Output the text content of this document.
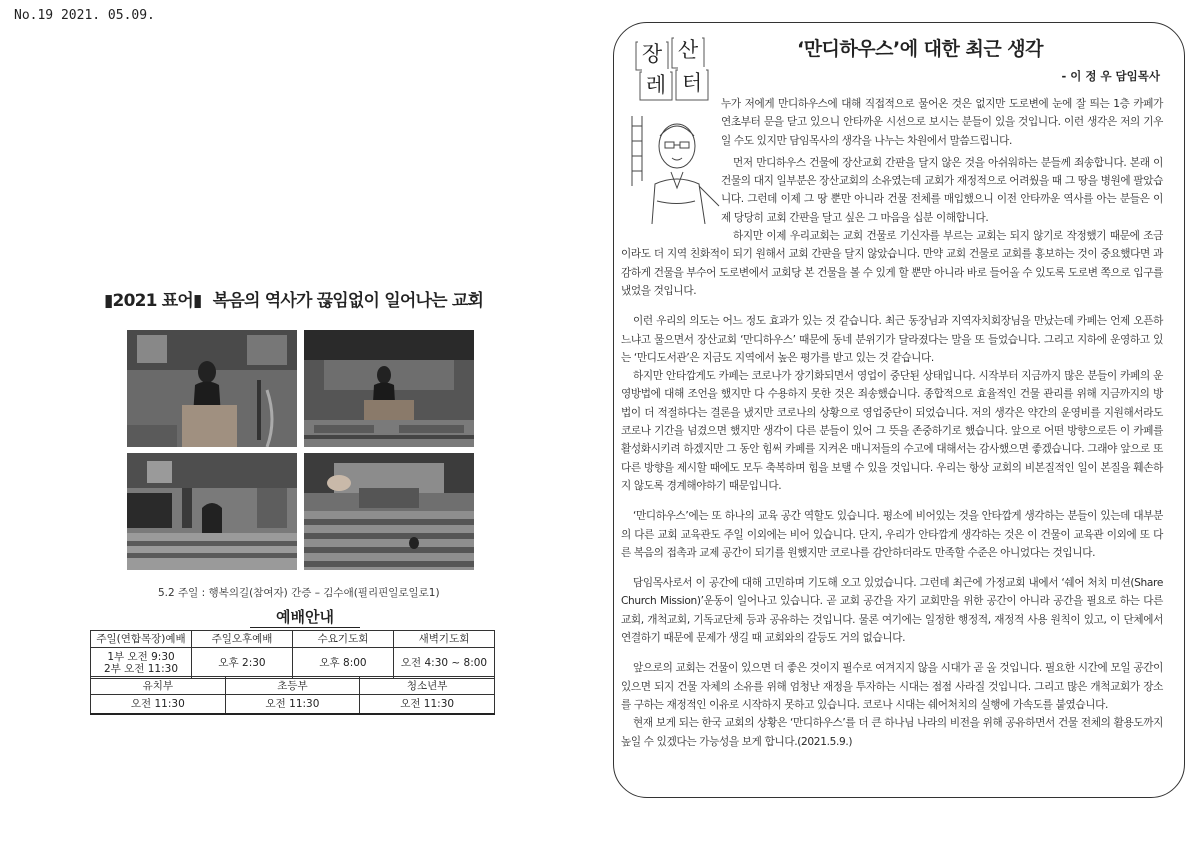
No.19 2021. 05.09.
▮2021 표어▮ 복음의 역사가 끊임없이 일어나는 교회
5.2 주일 : 행복의길(참여자) 간증 – 김수애(필리핀일로일로1)
예배안내
주일(연합목장)예배	주일오후예배	수요기도회	새벽기도회

1부 오전 9:30
2부 오전 11:30	오후 2:30	오후 8:00	오전 4:30 ~ 8:00
유치부	초등부	청소년부
오전 11:30	오전 11:30	오전 11:30
장 산
레 터
‘만디하우스’에 대한 최근 생각
- 이 정 우 담임목사

누가 저에게 만디하우스에 대해 직접적으로 물어온 것은 없지만 도로변에 눈에 잘 띄는 1층 카페가 연초부터 문을 닫고 있으니 안타까운 시선으로 보시는 분들이 있을 것입니다. 이런 생각은 저의 기우일 수도 있지만 담임목사의 생각을 나누는 차원에서 말씀드립니다.

먼저 만디하우스 건물에 장산교회 간판을 달지 않은 것을 아쉬워하는 분들께 죄송합니다. 본래 이 건물의 대지 일부분은 장산교회의 소유였는데 교회가 재정적으로 어려웠을 때 그 땅을 병원에 팔았습니다. 그런데 이제 그 땅 뿐만 아니라 건물 전체를 매입했으니 이전 안타까운 역사를 아는 분들은 이제 당당히 교회 간판을 달고 싶은 그 마음을 십분 이해합니다.

하지만 이제 우리교회는 교회 건물로 기신자를 부르는 교회는 되지 않기로 작정했기 때문에 조금이라도 더 지역 친화적이 되기 원해서 교회 간판을 달지 않았습니다. 만약 교회 건물로 교회를 홍보하는 것이 중요했다면 과감하게 건물을 부수어 도로변에서 교회당 본 건물을 볼 수 있게 할 뿐만 아니라 바로 들어올 수 있도록 도로변 쪽으로 입구를 냈었을 것입니다.

이런 우리의 의도는 어느 정도 효과가 있는 것 같습니다. 최근 동장님과 지역자치회장님을 만났는데 카페는 언제 오픈하느냐고 물으면서 장산교회 ‘만디하우스’ 때문에 동네 분위기가 달라졌다는 말을 또 들었습니다. 그리고 지하에 운영하고 있는 ‘만디도서관’은 지금도 지역에서 높은 평가를 받고 있는 것 같습니다.

하지만 안타깝게도 카페는 코로나가 장기화되면서 영업이 중단된 상태입니다. 시작부터 지금까지 많은 분들이 카페의 운영방법에 대해 조언을 했지만 다 수용하지 못한 것은 죄송했습니다. 종합적으로 효율적인 건물 관리를 위해 지금까지의 방법이 더 적절하다는 결론을 냈지만 코로나의 상황으로 영업중단이 되었습니다. 저의 생각은 약간의 운영비를 지원해서라도 코로나 기간을 넘겼으면 했지만 생각이 다른 분들이 있어 그 뜻을 존중하기로 했습니다. 앞으로 어떤 방향으로든 이 카페를 활성화시키려 하겠지만 그 동안 힘써 카페를 지켜온 매니저들의 수고에 대해서는 감사했으면 좋겠습니다. 그래야 앞으로 또 다른 방향을 제시할 때에도 모두 축복하며 힘을 보탤 수 있을 것입니다. 우리는 항상 교회의 비본질적인 일이 본질을 훼손하지 않도록 경계해야하기 때문입니다.

‘만디하우스’에는 또 하나의 교육 공간 역할도 있습니다. 평소에 비어있는 것을 안타깝게 생각하는 분들이 있는데 대부분의 다른 교회 교육관도 주일 이외에는 비어 있습니다. 단지, 우리가 안타깝게 생각하는 것은 이 건물이 교육관 이외에 또 다른 복음의 접촉과 교제 공간이 되기를 원했지만 코로나를 감안하더라도 만족할 수준은 아니었다는 것입니다.

담임목사로서 이 공간에 대해 고민하며 기도해 오고 있었습니다. 그런데 최근에 가정교회 내에서 ‘쉐어 처치 미션(Share Church Mission)’운동이 일어나고 있습니다. 곧 교회 공간을 자기 교회만을 위한 공간이 아니라 공간을 필요로 하는 다른 교회, 개척교회, 기독교단체 등과 공유하는 것입니다. 물론 여기에는 일정한 행정적, 재정적 사용 원칙이 있고, 이 단체에서 연결하기 때문에 문제가 생길 때 교회와의 갈등도 거의 없습니다.

앞으로의 교회는 건물이 있으면 더 좋은 것이지 필수로 여겨지지 않을 시대가 곧 올 것입니다. 필요한 시간에 모일 공간이 있으면 되지 건물 자체의 소유를 위해 엄청난 재정을 투자하는 시대는 점점 사라질 것입니다. 그리고 많은 개척교회가 장소를 구하는 재정적인 이유로 시작하지 못하고 있습니다. 코로나 시대는 쉐어처치의 실행에 가속도를 붙였습니다.

현재 보게 되는 한국 교회의 상황은 ‘만디하우스’를 더 큰 하나님 나라의 비전을 위해 공유하면서 건물 전체의 활용도까지 높일 수 있겠다는 가능성을 보게 합니다.(2021.5.9.)
